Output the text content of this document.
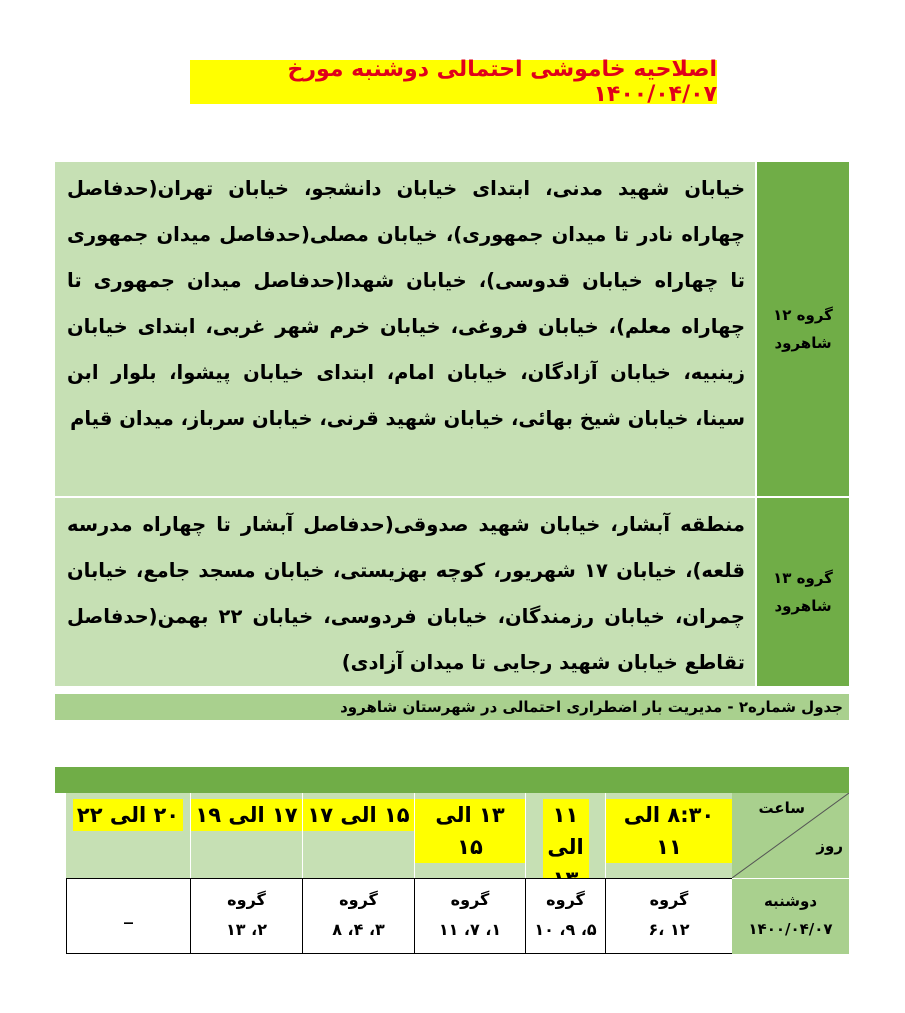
اصلاحیه خاموشی احتمالی دوشنبه مورخ ۱۴۰۰/۰۴/۰۷
گروه ۱۲
شاهرود
خیابان شهید مدنی، ابتدای خیابان دانشجو، خیابان تهران(حدفاصل چهاراه نادر تا میدان جمهوری)، خیابان مصلی(حدفاصل میدان جمهوری تا چهاراه خیابان قدوسی)، خیابان شهدا(حدفاصل میدان جمهوری تا چهاراه معلم)، خیابان فروغی، خیابان خرم شهر غربی، ابتدای خیابان زینبیه، خیابان آزادگان، خیابان امام، ابتدای خیابان پیشوا، بلوار ابن سینا، خیابان شیخ بهائی، خیابان شهید قرنی، خیابان سرباز، میدان قیام
گروه ۱۳
شاهرود
منطقه آبشار، خیابان شهید صدوقی(حدفاصل آبشار تا چهاراه مدرسه قلعه)، خیابان ۱۷ شهریور، کوچه بهزیستی، خیابان مسجد جامع، خیابان چمران، خیابان رزمندگان، خیابان فردوسی، خیابان ۲۲ بهمن(حدفاصل تقاطع خیابان شهید رجایی تا میدان آزادی)
جدول شماره۲ - مدیریت بار اضطراری احتمالی در شهرستان شاهرود
ساعت
روز
۸:۳۰ الی ۱۱
۱۱ الی

۱۳ الی ۱۵
۱۵ الی ۱۷
۱۷ الی ۱۹
۲۰ الی ۲۲
دوشنبه
۱۴۰۰/۰۴/۰۷
گروه
۱۲ ،۶
گروه
۵، ۹، ۱۰
گروه
۱، ۷، ۱۱
گروه
۳، ۴، ۸
گروه
۲، ۱۳
_
